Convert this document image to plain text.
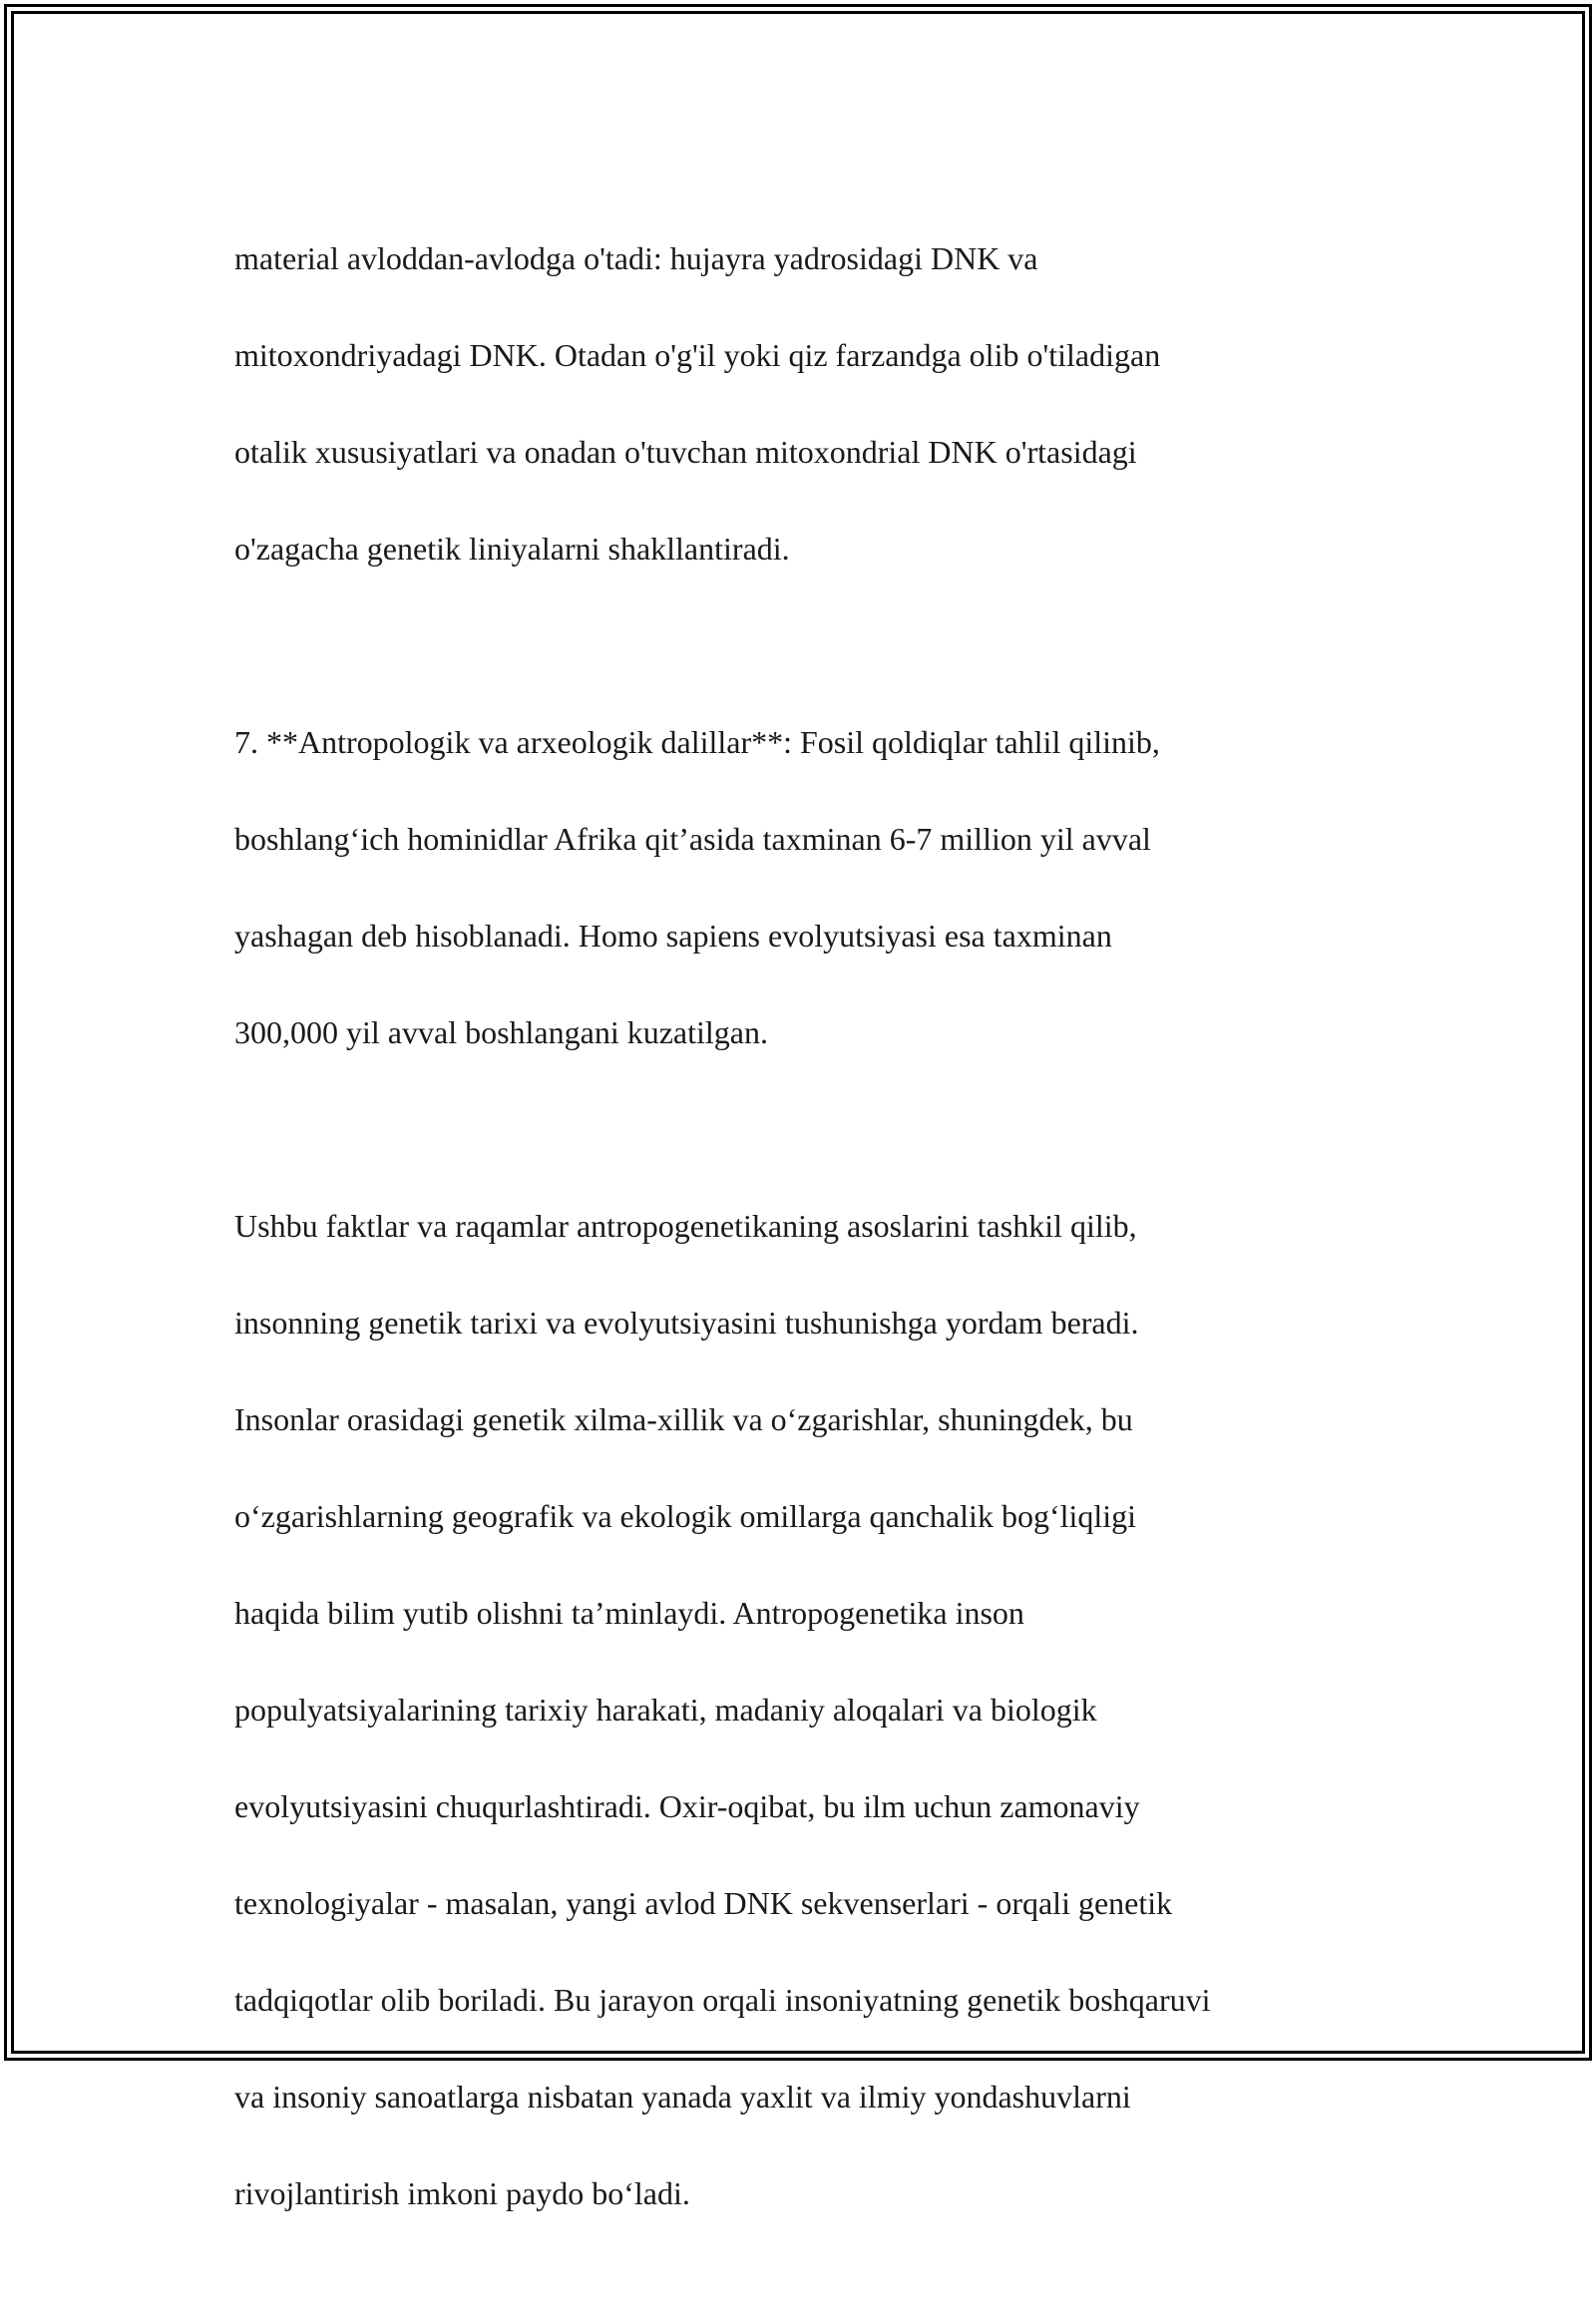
material avloddan-avlodga o'tadi: hujayra yadrosidagi DNK va

mitoxondriyadagi DNK. Otadan o'g'il yoki qiz farzandga olib o'tiladigan

otalik xususiyatlari va onadan o'tuvchan mitoxondrial DNK o'rtasidagi

o'zagacha genetik liniyalarni shakllantiradi.

7. **Antropologik va arxeologik dalillar**: Fosil qoldiqlar tahlil qilinib,

boshlang‘ich hominidlar Afrika qit’asida taxminan 6-7 million yil avval

yashagan deb hisoblanadi. Homo sapiens evolyutsiyasi esa taxminan

300,000 yil avval boshlangani kuzatilgan.

Ushbu faktlar va raqamlar antropogenetikaning asoslarini tashkil qilib,

insonning genetik tarixi va evolyutsiyasini tushunishga yordam beradi.

Insonlar orasidagi genetik xilma-xillik va o‘zgarishlar, shuningdek, bu

o‘zgarishlarning geografik va ekologik omillarga qanchalik bog‘liqligi

haqida bilim yutib olishni ta’minlaydi. Antropogenetika inson

populyatsiyalarining tarixiy harakati, madaniy aloqalari va biologik

evolyutsiyasini chuqurlashtiradi. Oxir-oqibat, bu ilm uchun zamonaviy

texnologiyalar - masalan, yangi avlod DNK sekvenserlari - orqali genetik

tadqiqotlar olib boriladi. Bu jarayon orqali insoniyatning genetik boshqaruvi

va insoniy sanoatlarga nisbatan yanada yaxlit va ilmiy yondashuvlarni

rivojlantirish imkoni paydo bo‘ladi.
